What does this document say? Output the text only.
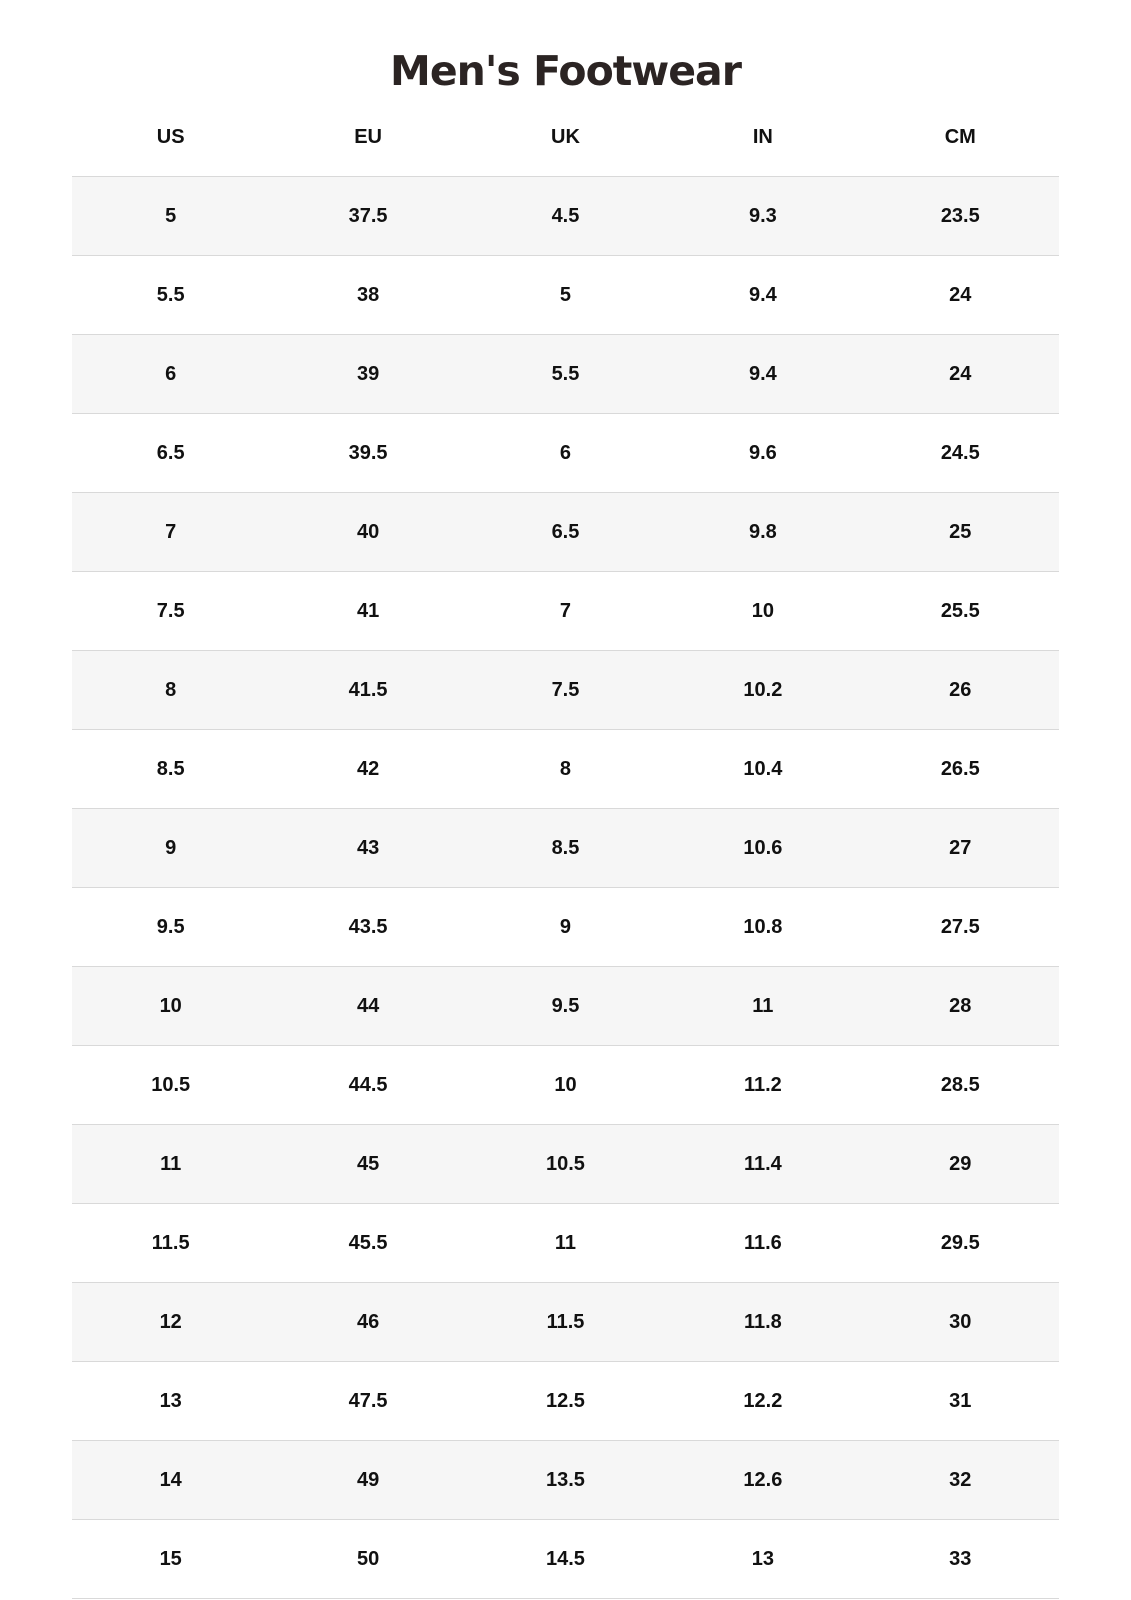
Men's Footwear
US	EU	UK	IN	CM
5	37.5	4.5	9.3	23.5
5.5	38	5	9.4	24
6	39	5.5	9.4	24
6.5	39.5	6	9.6	24.5
7	40	6.5	9.8	25
7.5	41	7	10	25.5
8	41.5	7.5	10.2	26
8.5	42	8	10.4	26.5
9	43	8.5	10.6	27
9.5	43.5	9	10.8	27.5
10	44	9.5	11	28
10.5	44.5	10	11.2	28.5
11	45	10.5	11.4	29
11.5	45.5	11	11.6	29.5
12	46	11.5	11.8	30
13	47.5	12.5	12.2	31
14	49	13.5	12.6	32
15	50	14.5	13	33
